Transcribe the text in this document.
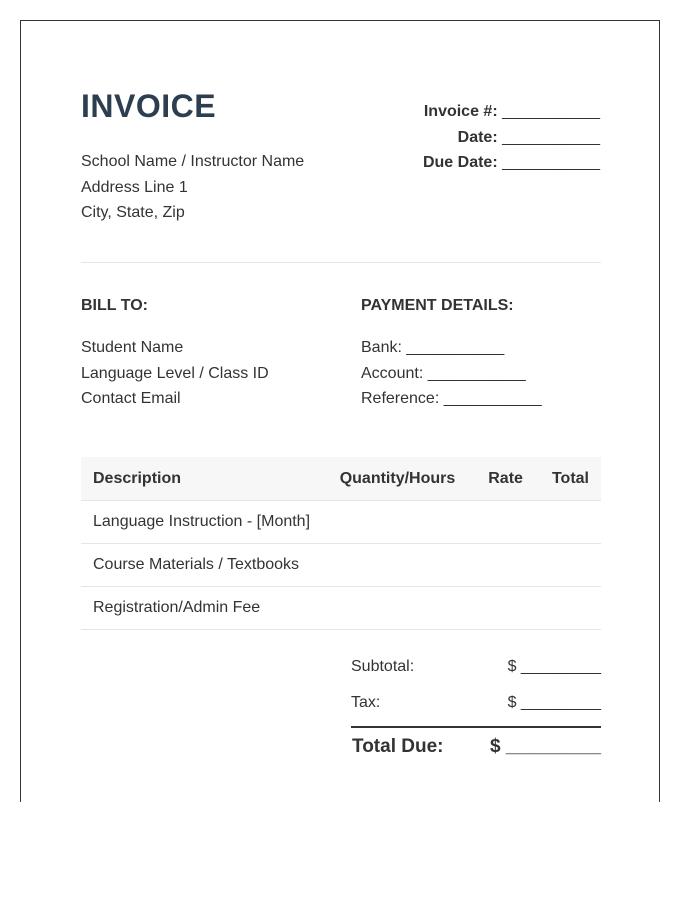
INVOICE
School Name / Instructor Name
Address Line 1
City, State, Zip
Invoice #: ___________
Date: ___________
Due Date: ___________
BILL TO:
Student Name
Language Level / Class ID
Contact Email
PAYMENT DETAILS:
Bank: ___________
Account: ___________
Reference: ___________
Description	Quantity/Hours	Rate	Total
Language Instruction - [Month]			
Course Materials / Textbooks			
Registration/Admin Fee			
Subtotal:	$ _________
Tax:	$ _________
Total Due: $ _________
